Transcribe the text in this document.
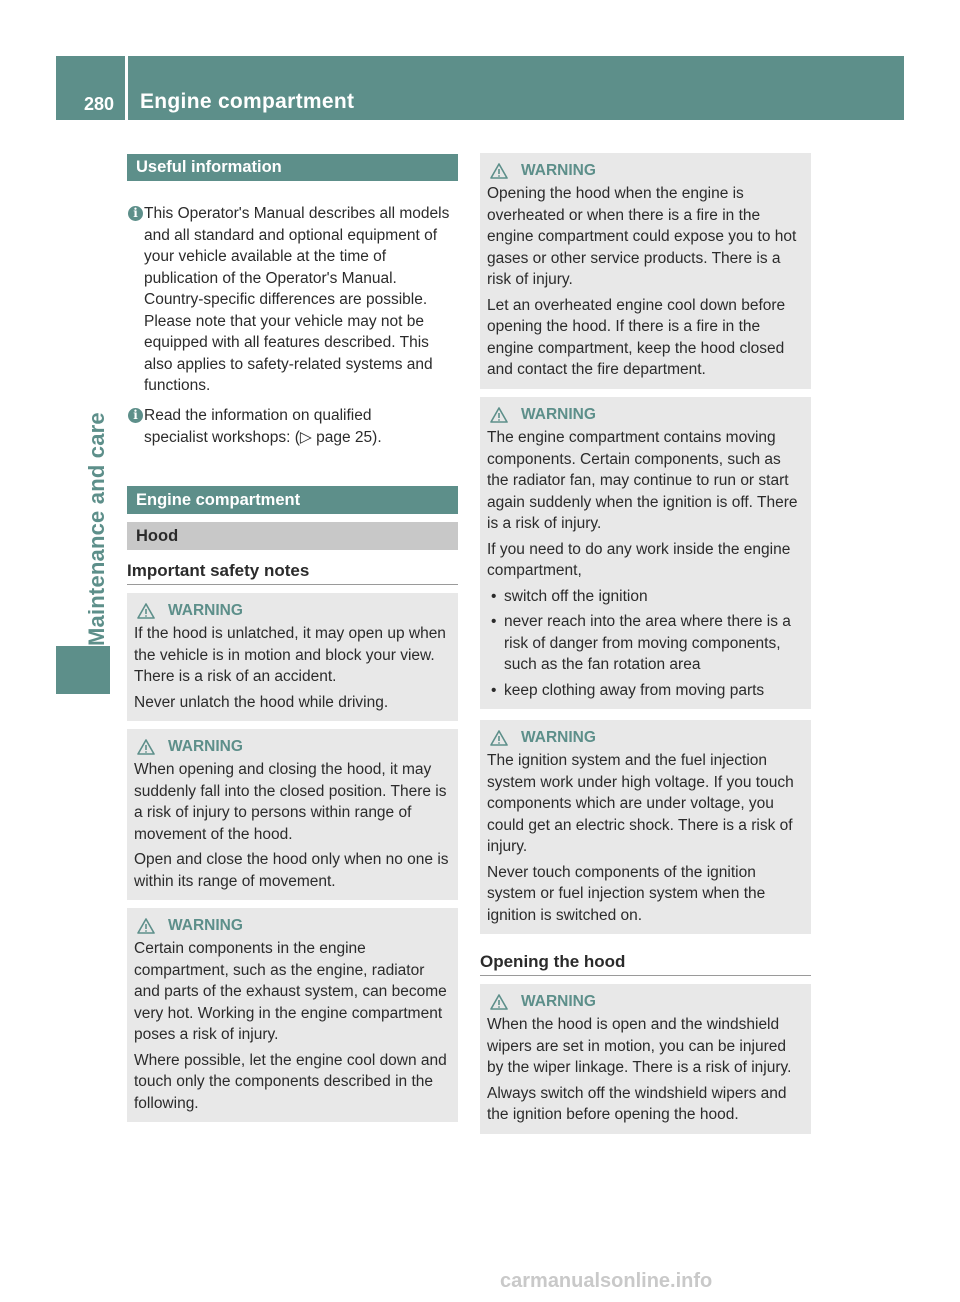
280 Engine compartment
Maintenance and care
Useful information
i This Operator's Manual describes all models and all standard and optional equipment of your vehicle available at the time of publication of the Operator's Manual. Country-specific differences are possible. Please note that your vehicle may not be equipped with all features described. This also applies to safety-related systems and functions.
i Read the information on qualified specialist workshops: (▷ page 25).
Engine compartment
Hood
Important safety notes
WARNING

If the hood is unlatched, it may open up when the vehicle is in motion and block your view. There is a risk of an accident.

Never unlatch the hood while driving.

WARNING

When opening and closing the hood, it may suddenly fall into the closed position. There is a risk of injury to persons within range of movement of the hood.

Open and close the hood only when no one is within its range of movement.

WARNING

Certain components in the engine compartment, such as the engine, radiator and parts of the exhaust system, can become very hot. Working in the engine compartment poses a risk of injury.

Where possible, let the engine cool down and touch only the components described in the following.

WARNING

Opening the hood when the engine is overheated or when there is a fire in the engine compartment could expose you to hot gases or other service products. There is a risk of injury.

Let an overheated engine cool down before opening the hood. If there is a fire in the engine compartment, keep the hood closed and contact the fire department.

WARNING

The engine compartment contains moving components. Certain components, such as the radiator fan, may continue to run or start again suddenly when the ignition is off. There is a risk of injury.

If you need to do any work inside the engine compartment,

• switch off the ignition
• never reach into the area where there is a risk of danger from moving components, such as the fan rotation area
• keep clothing away from moving parts
WARNING

The ignition system and the fuel injection system work under high voltage. If you touch components which are under voltage, you could get an electric shock. There is a risk of injury.

Never touch components of the ignition system or fuel injection system when the ignition is switched on.

Opening the hood
WARNING

When the hood is open and the windshield wipers are set in motion, you can be injured by the wiper linkage. There is a risk of injury.

Always switch off the windshield wipers and the ignition before opening the hood.

carmanualsonline.info
